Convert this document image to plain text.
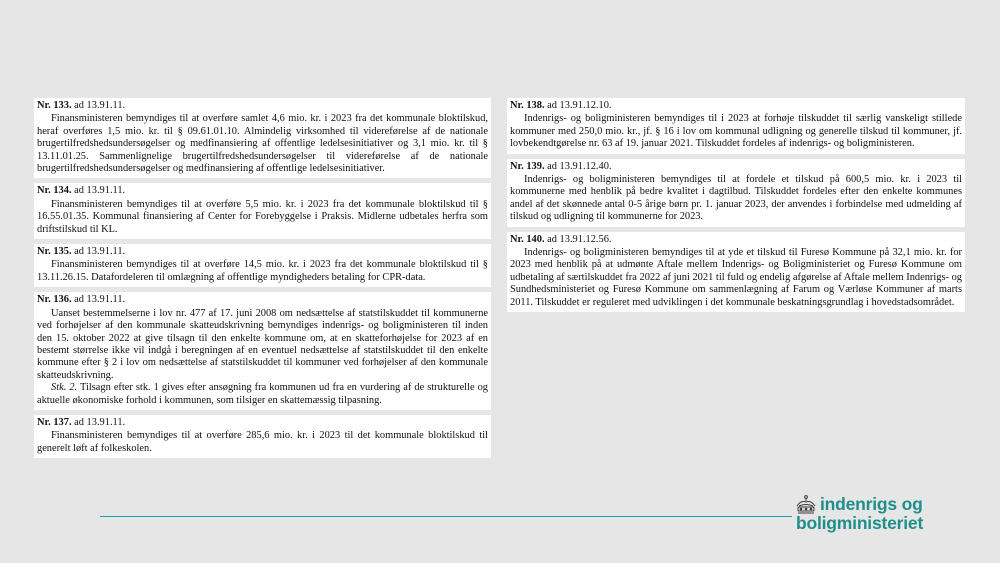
Nr. 133. ad 13.91.11.

Finansministeren bemyndiges til at overføre samlet 4,6 mio. kr. i 2023 fra det kommunale bloktilskud, heraf overføres 1,5 mio. kr. til § 09.61.01.10. Almindelig virksomhed til videreførelse af de nationale brugertilfredshedsundersøgelser og medfinansiering af offentlige ledelsesinitiativer og 3,1 mio. kr. til § 13.11.01.25. Sammenlignelige brugertilfredshedsundersøgelser til videreførelse af de nationale brugertilfredshedsundersøgelser og medfinansiering af offentlige ledelsesinitiativer.

Nr. 134. ad 13.91.11.

Finansministeren bemyndiges til at overføre 5,5 mio. kr. i 2023 fra det kommunale bloktilskud til § 16.55.01.35. Kommunal finansiering af Center for Forebyggelse i Praksis. Midlerne udbetales herfra som driftstilskud til KL.

Nr. 135. ad 13.91.11.

Finansministeren bemyndiges til at overføre 14,5 mio. kr. i 2023 fra det kommunale bloktilskud til § 13.11.26.15. Datafordeleren til omlægning af offentlige myndigheders betaling for CPR-data.

Nr. 136. ad 13.91.11.

Uanset bestemmelserne i lov nr. 477 af 17. juni 2008 om nedsættelse af statstilskuddet til kommunerne ved forhøjelser af den kommunale skatteudskrivning bemyndiges indenrigs- og boligministeren til inden den 15. oktober 2022 at give tilsagn til den enkelte kommune om, at en skatteforhøjelse for 2023 af en bestemt størrelse ikke vil indgå i beregningen af en eventuel nedsættelse af statstilskuddet til den enkelte kommune efter § 2 i lov om nedsættelse af statstilskuddet til kommuner ved forhøjelser af den kommunale skatteudskrivning.

Stk. 2. Tilsagn efter stk. 1 gives efter ansøgning fra kommunen ud fra en vurdering af de strukturelle og aktuelle økonomiske forhold i kommunen, som tilsiger en skattemæssig tilpasning.

Nr. 137. ad 13.91.11.

Finansministeren bemyndiges til at overføre 285,6 mio. kr. i 2023 til det kommunale bloktilskud til generelt løft af folkeskolen.

Nr. 138. ad 13.91.12.10.

Indenrigs- og boligministeren bemyndiges til i 2023 at forhøje tilskuddet til særlig vanskeligt stillede kommuner med 250,0 mio. kr., jf. § 16 i lov om kommunal udligning og generelle tilskud til kommuner, jf. lovbekendtgørelse nr. 63 af 19. januar 2021. Tilskuddet fordeles af indenrigs- og boligministeren.

Nr. 139. ad 13.91.12.40.

Indenrigs- og boligministeren bemyndiges til at fordele et tilskud på 600,5 mio. kr. i 2023 til kommunerne med henblik på bedre kvalitet i dagtilbud. Tilskuddet fordeles efter den enkelte kommunes andel af det skønnede antal 0-5 årige børn pr. 1. januar 2023, der anvendes i forbindelse med udmelding af tilskud og udligning til kommunerne for 2023.

Nr. 140. ad 13.91.12.56.

Indenrigs- og boligministeren bemyndiges til at yde et tilskud til Furesø Kommune på 32,1 mio. kr. for 2023 med henblik på at udmønte Aftale mellem Indenrigs- og Boligministeriet og Furesø Kommune om udbetaling af særtilskuddet fra 2022 af juni 2021 til fuld og endelig afgørelse af Aftale mellem Indenrigs- og Sundhedsministeriet og Furesø Kommune om sammenlægning af Farum og Værløse Kommuner af marts 2011. Tilskuddet er reguleret med udviklingen i det kommunale beskatningsgrundlag i hovedstadsområdet.

indenrigs og
boligministeriet
